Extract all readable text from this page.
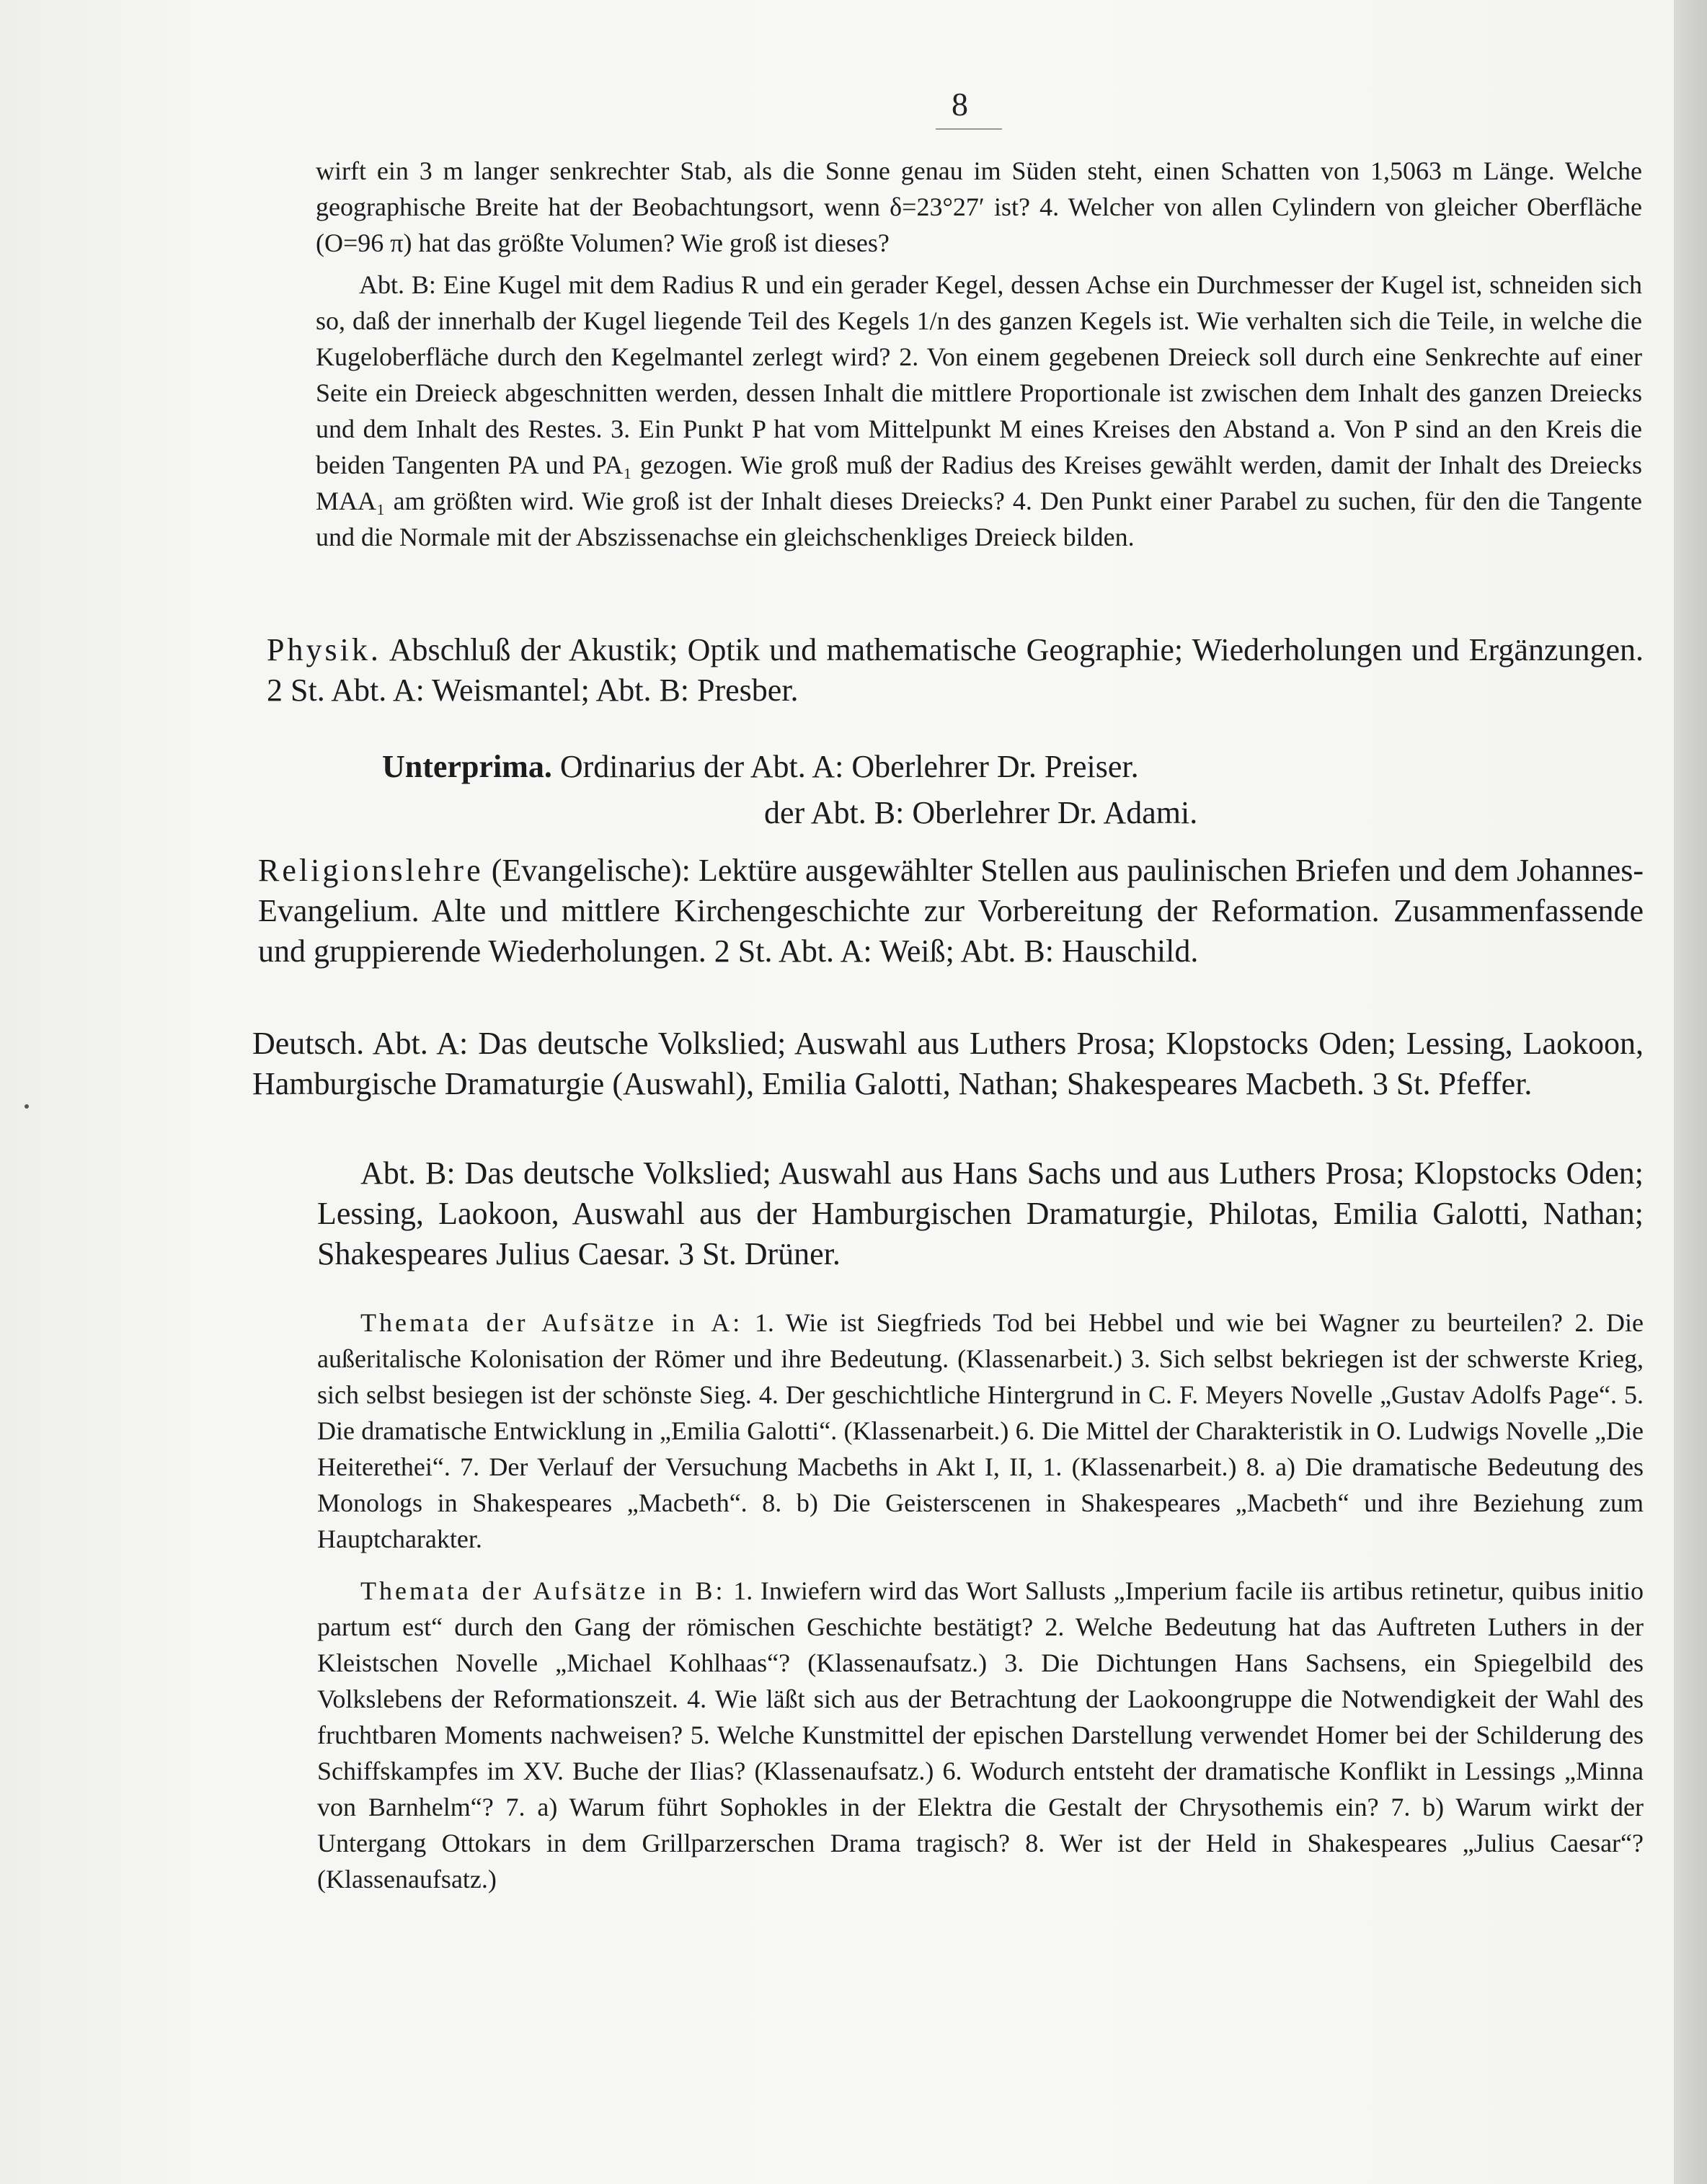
8

wirft ein 3 m langer senkrechter Stab, als die Sonne genau im Süden steht, einen Schatten von 1,5063 m Länge. Welche geographische Breite hat der Beobachtungsort, wenn δ=23°27′ ist? 4. Welcher von allen Cylindern von gleicher Oberfläche (O=96 π) hat das größte Volumen? Wie groß ist dieses?

Abt. B: Eine Kugel mit dem Radius R und ein gerader Kegel, dessen Achse ein Durchmesser der Kugel ist, schneiden sich so, daß der innerhalb der Kugel liegende Teil des Kegels 1/n des ganzen Kegels ist. Wie verhalten sich die Teile, in welche die Kugeloberfläche durch den Kegelmantel zerlegt wird? 2. Von einem gegebenen Dreieck soll durch eine Senkrechte auf einer Seite ein Dreieck abgeschnitten werden, dessen Inhalt die mittlere Proportionale ist zwischen dem Inhalt des ganzen Dreiecks und dem Inhalt des Restes. 3. Ein Punkt P hat vom Mittelpunkt M eines Kreises den Abstand a. Von P sind an den Kreis die beiden Tangenten PA und PA₁ gezogen. Wie groß muß der Radius des Kreises gewählt werden, damit der Inhalt des Dreiecks MAA₁ am größten wird. Wie groß ist der Inhalt dieses Dreiecks? 4. Den Punkt einer Parabel zu suchen, für den die Tangente und die Normale mit der Abszissenachse ein gleichschenkliges Dreieck bilden.

Physik. Abschluß der Akustik; Optik und mathematische Geographie; Wiederholungen und Ergänzungen. 2 St. Abt. A: Weismantel; Abt. B: Presber.

Unterprima. Ordinarius der Abt. A: Oberlehrer Dr. Preiser.

der Abt. B: Oberlehrer Dr. Adami.

Religionslehre (Evangelische): Lektüre ausgewählter Stellen aus paulinischen Briefen und dem Johannes-Evangelium. Alte und mittlere Kirchengeschichte zur Vorbereitung der Reformation. Zusammenfassende und gruppierende Wiederholungen. 2 St. Abt. A: Weiß; Abt. B: Hauschild.

Deutsch. Abt. A: Das deutsche Volkslied; Auswahl aus Luthers Prosa; Klopstocks Oden; Lessing, Laokoon, Hamburgische Dramaturgie (Auswahl), Emilia Galotti, Nathan; Shakespeares Macbeth. 3 St. Pfeffer.

Abt. B: Das deutsche Volkslied; Auswahl aus Hans Sachs und aus Luthers Prosa; Klopstocks Oden; Lessing, Laokoon, Auswahl aus der Hamburgischen Dramaturgie, Philotas, Emilia Galotti, Nathan; Shakespeares Julius Caesar. 3 St. Drüner.

Themata der Aufsätze in A: 1. Wie ist Siegfrieds Tod bei Hebbel und wie bei Wagner zu beurteilen? 2. Die außeritalische Kolonisation der Römer und ihre Bedeutung. (Klassenarbeit.) 3. Sich selbst bekriegen ist der schwerste Krieg, sich selbst besiegen ist der schönste Sieg. 4. Der geschichtliche Hintergrund in C. F. Meyers Novelle „Gustav Adolfs Page“. 5. Die dramatische Entwicklung in „Emilia Galotti“. (Klassenarbeit.) 6. Die Mittel der Charakteristik in O. Ludwigs Novelle „Die Heiterethei“. 7. Der Verlauf der Versuchung Macbeths in Akt I, II, 1. (Klassenarbeit.) 8. a) Die dramatische Bedeutung des Monologs in Shakespeares „Macbeth“. 8. b) Die Geisterscenen in Shakespeares „Macbeth“ und ihre Beziehung zum Hauptcharakter.

Themata der Aufsätze in B: 1. Inwiefern wird das Wort Sallusts „Imperium facile iis artibus retinetur, quibus initio partum est“ durch den Gang der römischen Geschichte bestätigt? 2. Welche Bedeutung hat das Auftreten Luthers in der Kleistschen Novelle „Michael Kohlhaas“? (Klassenaufsatz.) 3. Die Dichtungen Hans Sachsens, ein Spiegelbild des Volkslebens der Reformationszeit. 4. Wie läßt sich aus der Betrachtung der Laokoongruppe die Notwendigkeit der Wahl des fruchtbaren Moments nachweisen? 5. Welche Kunstmittel der epischen Darstellung verwendet Homer bei der Schilderung des Schiffskampfes im XV. Buche der Ilias? (Klassenaufsatz.) 6. Wodurch entsteht der dramatische Konflikt in Lessings „Minna von Barnhelm“? 7. a) Warum führt Sophokles in der Elektra die Gestalt der Chrysothemis ein? 7. b) Warum wirkt der Untergang Ottokars in dem Grillparzerschen Drama tragisch? 8. Wer ist der Held in Shakespeares „Julius Caesar“? (Klassenaufsatz.)
